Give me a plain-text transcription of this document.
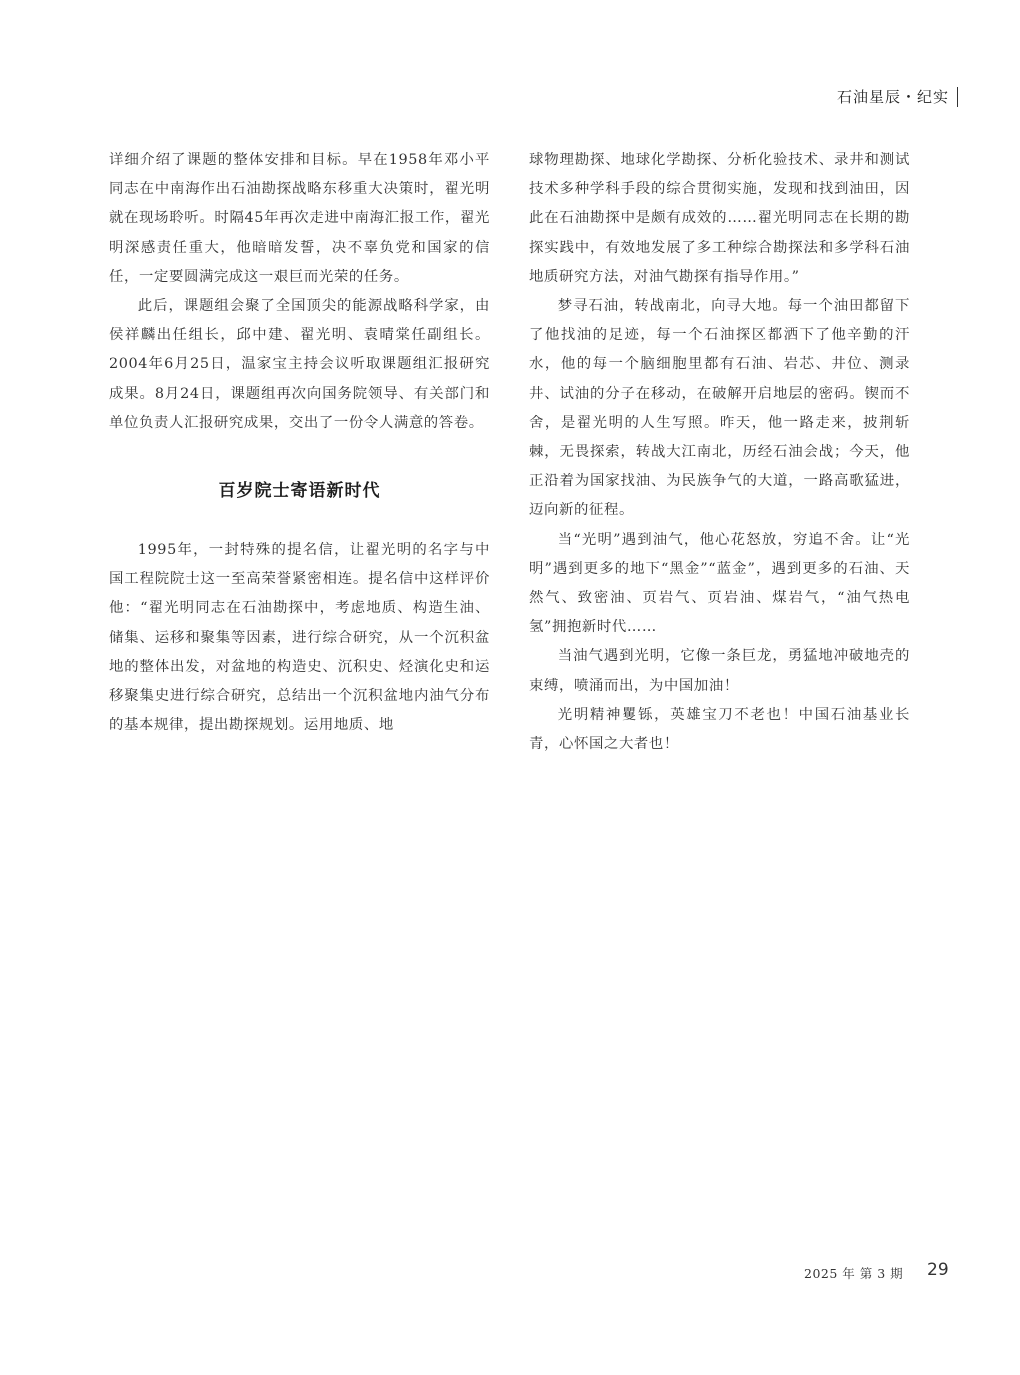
石油星辰・纪实

详细介绍了课题的整体安排和目标。早在1958年邓小平同志在中南海作出石油勘探战略东移重大决策时，翟光明就在现场聆听。时隔45年再次走进中南海汇报工作，翟光明深感责任重大，他暗暗发誓，决不辜负党和国家的信任，一定要圆满完成这一艰巨而光荣的任务。

此后，课题组会聚了全国顶尖的能源战略科学家，由侯祥麟出任组长，邱中建、翟光明、袁晴棠任副组长。2004年6月25日，温家宝主持会议听取课题组汇报研究成果。8月24日，课题组再次向国务院领导、有关部门和单位负责人汇报研究成果，交出了一份令人满意的答卷。

百岁院士寄语新时代

1995年，一封特殊的提名信，让翟光明的名字与中国工程院院士这一至高荣誉紧密相连。提名信中这样评价他：“翟光明同志在石油勘探中，考虑地质、构造生油、储集、运移和聚集等因素，进行综合研究，从一个沉积盆地的整体出发，对盆地的构造史、沉积史、烃演化史和运移聚集史进行综合研究，总结出一个沉积盆地内油气分布的基本规律，提出勘探规划。运用地质、地

球物理勘探、地球化学勘探、分析化验技术、录井和测试技术多种学科手段的综合贯彻实施，发现和找到油田，因此在石油勘探中是颇有成效的……翟光明同志在长期的勘探实践中，有效地发展了多工种综合勘探法和多学科石油地质研究方法，对油气勘探有指导作用。”

梦寻石油，转战南北，向寻大地。每一个油田都留下了他找油的足迹，每一个石油探区都洒下了他辛勤的汗水，他的每一个脑细胞里都有石油、岩芯、井位、测录井、试油的分子在移动，在破解开启地层的密码。锲而不舍，是翟光明的人生写照。昨天，他一路走来，披荆斩棘，无畏探索，转战大江南北，历经石油会战；今天，他正沿着为国家找油、为民族争气的大道，一路高歌猛进，迈向新的征程。

当“光明”遇到油气，他心花怒放，穷追不舍。让“光明”遇到更多的地下“黑金”“蓝金”，遇到更多的石油、天然气、致密油、页岩气、页岩油、煤岩气，“油气热电氢”拥抱新时代……

当油气遇到光明，它像一条巨龙，勇猛地冲破地壳的束缚，喷涌而出，为中国加油！

光明精神矍铄，英雄宝刀不老也！中国石油基业长青，心怀国之大者也！

2025 年 第 3 期 29
